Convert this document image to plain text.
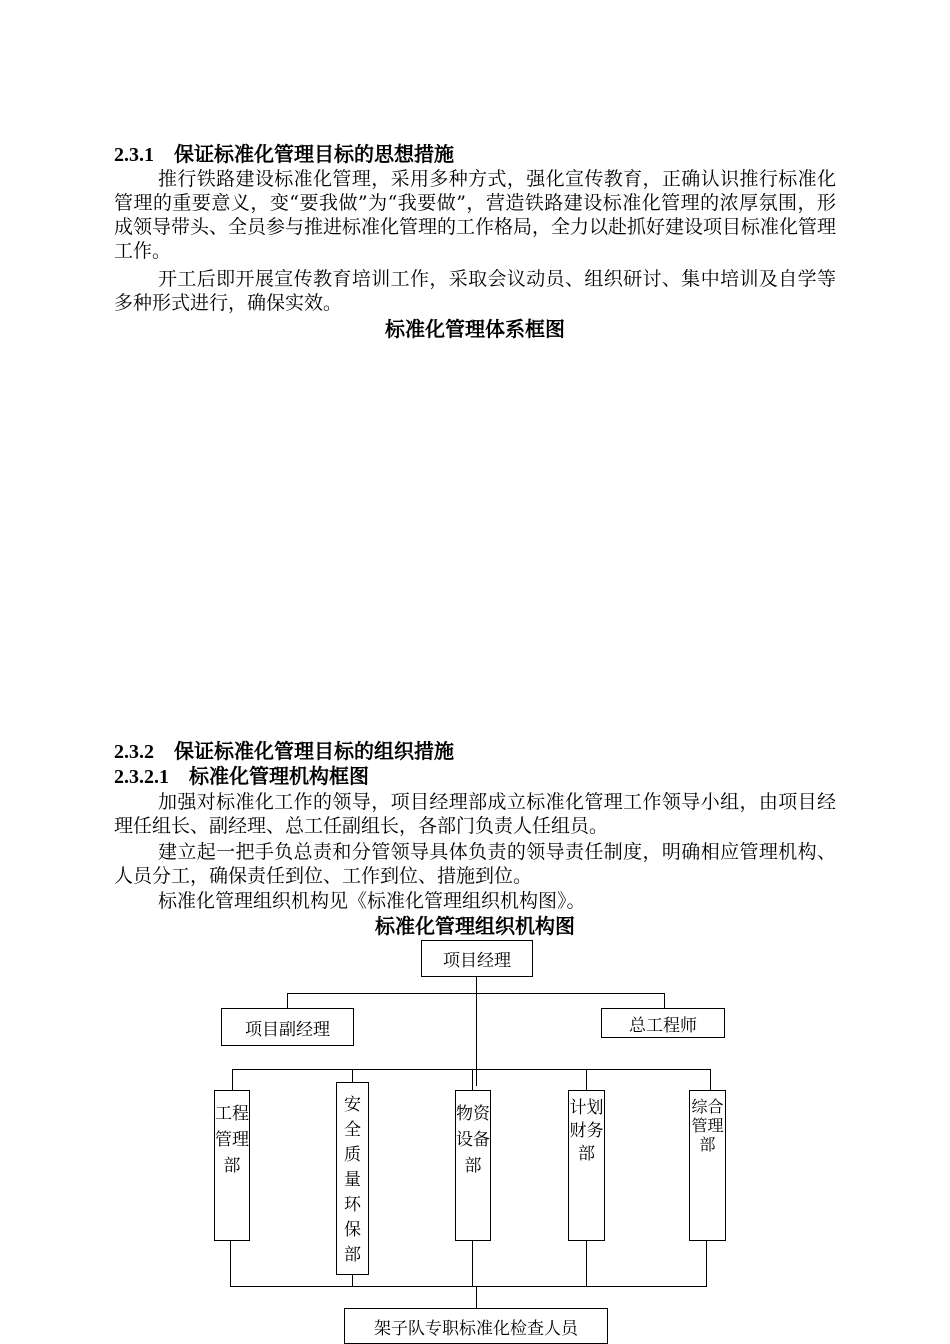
2.3.1 保证标准化管理目标的思想措施
推行铁路建设标准化管理，采用多种方式，强化宣传教育，正确认识推行标准化管理的重要意义，变“要我做”为“我要做”，营造铁路建设标准化管理的浓厚氛围，形成领导带头、全员参与推进标准化管理的工作格局，全力以赴抓好建设项目标准化管理工作。
开工后即开展宣传教育培训工作，采取会议动员、组织研讨、集中培训及自学等多种形式进行，确保实效。
标准化管理体系框图
2.3.2 保证标准化管理目标的组织措施
2.3.2.1 标准化管理机构框图
加强对标准化工作的领导，项目经理部成立标准化管理工作领导小组，由项目经理任组长、副经理、总工任副组长，各部门负责人任组员。
建立起一把手负总责和分管领导具体负责的领导责任制度，明确相应管理机构、人员分工，确保责任到位、工作到位、措施到位。
标准化管理组织机构见《标准化管理组织机构图》。
标准化管理组织机构图
项目经理
项目副经理	总工程师
工程管理部
安全质量环保部
物资设备部
计划财务部
综合管理部
架子队专职标准化检查人员
